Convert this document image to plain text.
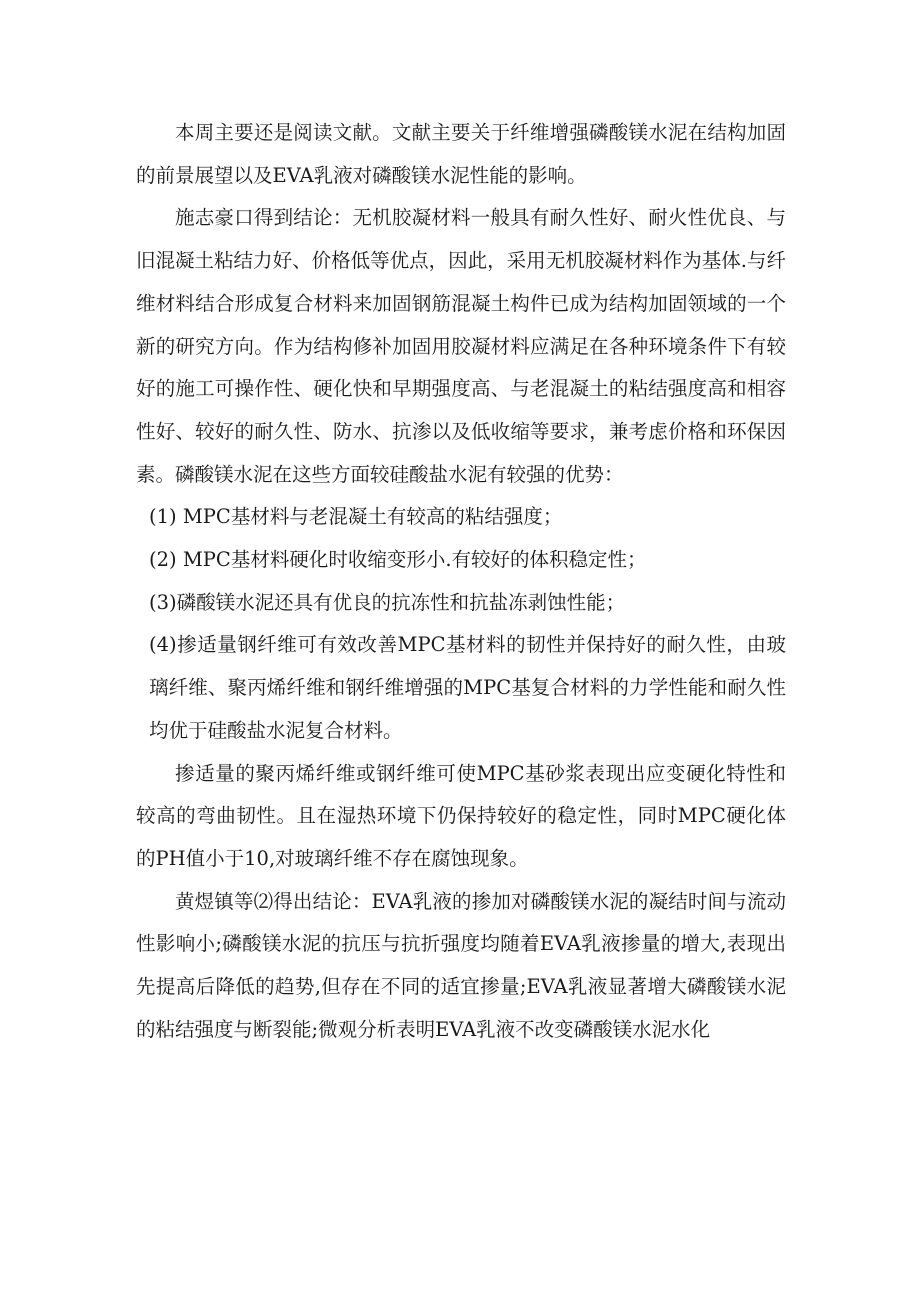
本周主要还是阅读文献。文献主要关于纤维增强磷酸镁水泥在结构加固的前景展望以及EVA乳液对磷酸镁水泥性能的影响。

施志豪口得到结论：无机胶凝材料一般具有耐久性好、耐火性优良、与旧混凝土粘结力好、价格低等优点，因此，采用无机胶凝材料作为基体.与纤维材料结合形成复合材料来加固钢筋混凝土构件已成为结构加固领域的一个新的研究方向。作为结构修补加固用胶凝材料应满足在各种环境条件下有较好的施工可操作性、硬化快和早期强度高、与老混凝土的粘结强度高和相容性好、较好的耐久性、防水、抗渗以及低收缩等要求，兼考虑价格和环保因素。磷酸镁水泥在这些方面较硅酸盐水泥有较强的优势：

(1) MPC基材料与老混凝土有较高的粘结强度；

(2) MPC基材料硬化时收缩变形小.有较好的体积稳定性；

(3)磷酸镁水泥还具有优良的抗冻性和抗盐冻剥蚀性能；

(4)掺适量钢纤维可有效改善MPC基材料的韧性并保持好的耐久性，由玻璃纤维、聚丙烯纤维和钢纤维增强的MPC基复合材料的力学性能和耐久性均优于硅酸盐水泥复合材料。

掺适量的聚丙烯纤维或钢纤维可使MPC基砂浆表现出应变硬化特性和较高的弯曲韧性。且在湿热环境下仍保持较好的稳定性，同时MPC硬化体的PH值小于10,对玻璃纤维不存在腐蚀现象。

黄煜镇等⑵得出结论：EVA乳液的掺加对磷酸镁水泥的凝结时间与流动性影响小;磷酸镁水泥的抗压与抗折强度均随着EVA乳液掺量的增大,表现出先提高后降低的趋势,但存在不同的适宜掺量;EVA乳液显著增大磷酸镁水泥的粘结强度与断裂能;微观分析表明EVA乳液不改变磷酸镁水泥水化
